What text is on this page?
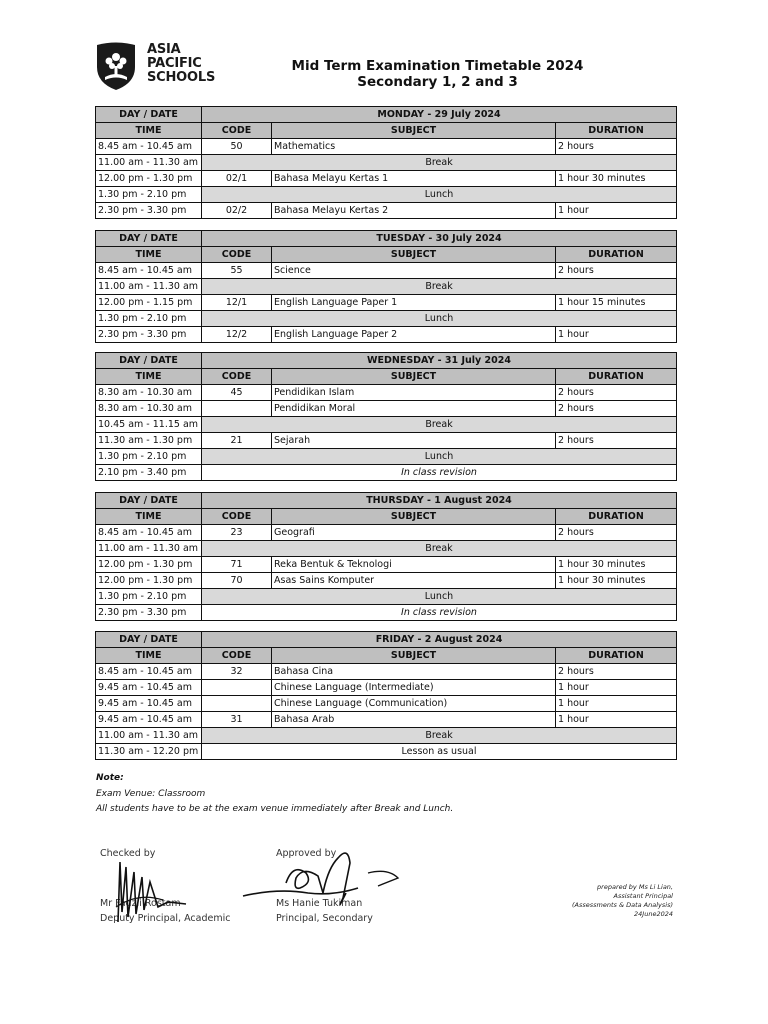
ASIA
PACIFIC
SCHOOLS
Mid Term Examination Timetable 2024
Secondary 1, 2 and 3
DAY / DATE	MONDAY - 29 July 2024		
TIME	CODE	SUBJECT	DURATION
8.45 am - 10.45 am	50	Mathematics	2 hours
11.00 am - 11.30 am	Break		
12.00 pm - 1.30 pm	02/1	Bahasa Melayu Kertas 1	1 hour 30 minutes
1.30 pm - 2.10 pm	Lunch		
2.30 pm - 3.30 pm	02/2	Bahasa Melayu Kertas 2	1 hour
DAY / DATE	TUESDAY - 30 July 2024		
TIME	CODE	SUBJECT	DURATION
8.45 am - 10.45 am	55	Science	2 hours
11.00 am - 11.30 am	Break		
12.00 pm - 1.15 pm	12/1	English Language Paper 1	1 hour 15 minutes
1.30 pm - 2.10 pm	Lunch		
2.30 pm - 3.30 pm	12/2	English Language Paper 2	1 hour
DAY / DATE	WEDNESDAY - 31 July 2024		
TIME	CODE	SUBJECT	DURATION
8.30 am - 10.30 am	45	Pendidikan Islam	2 hours
8.30 am - 10.30 am		Pendidikan Moral	2 hours
10.45 am - 11.15 am	Break		
11.30 am - 1.30 pm	21	Sejarah	2 hours
1.30 pm - 2.10 pm	Lunch		
2.10 pm - 3.40 pm	In class revision		
DAY / DATE	THURSDAY - 1 August 2024		
TIME	CODE	SUBJECT	DURATION
8.45 am - 10.45 am	23	Geografi	2 hours
11.00 am - 11.30 am	Break		
12.00 pm - 1.30 pm	71	Reka Bentuk & Teknologi	1 hour 30 minutes
12.00 pm - 1.30 pm	70	Asas Sains Komputer	1 hour 30 minutes
1.30 pm - 2.10 pm	Lunch		
2.30 pm - 3.30 pm	In class revision		
DAY / DATE	FRIDAY - 2 August 2024		
TIME	CODE	SUBJECT	DURATION
8.45 am - 10.45 am	32	Bahasa Cina	2 hours
9.45 am - 10.45 am		Chinese Language (Intermediate)	1 hour
9.45 am - 10.45 am		Chinese Language (Communication)	1 hour
9.45 am - 10.45 am	31	Bahasa Arab	1 hour
11.00 am - 11.30 am	Break		
11.30 am - 12.20 pm	Lesson as usual		
Note:
Exam Venue: Classroom
All students have to be at the exam venue immediately after Break and Lunch.
Checked by
Mr Fadzli Rostam
Deputy Principal, Academic
Approved by
Ms Hanie Tukiman
Principal, Secondary
prepared by Ms Li Lian,
Assistant Principal
(Assessments & Data Analysis)
24June2024
